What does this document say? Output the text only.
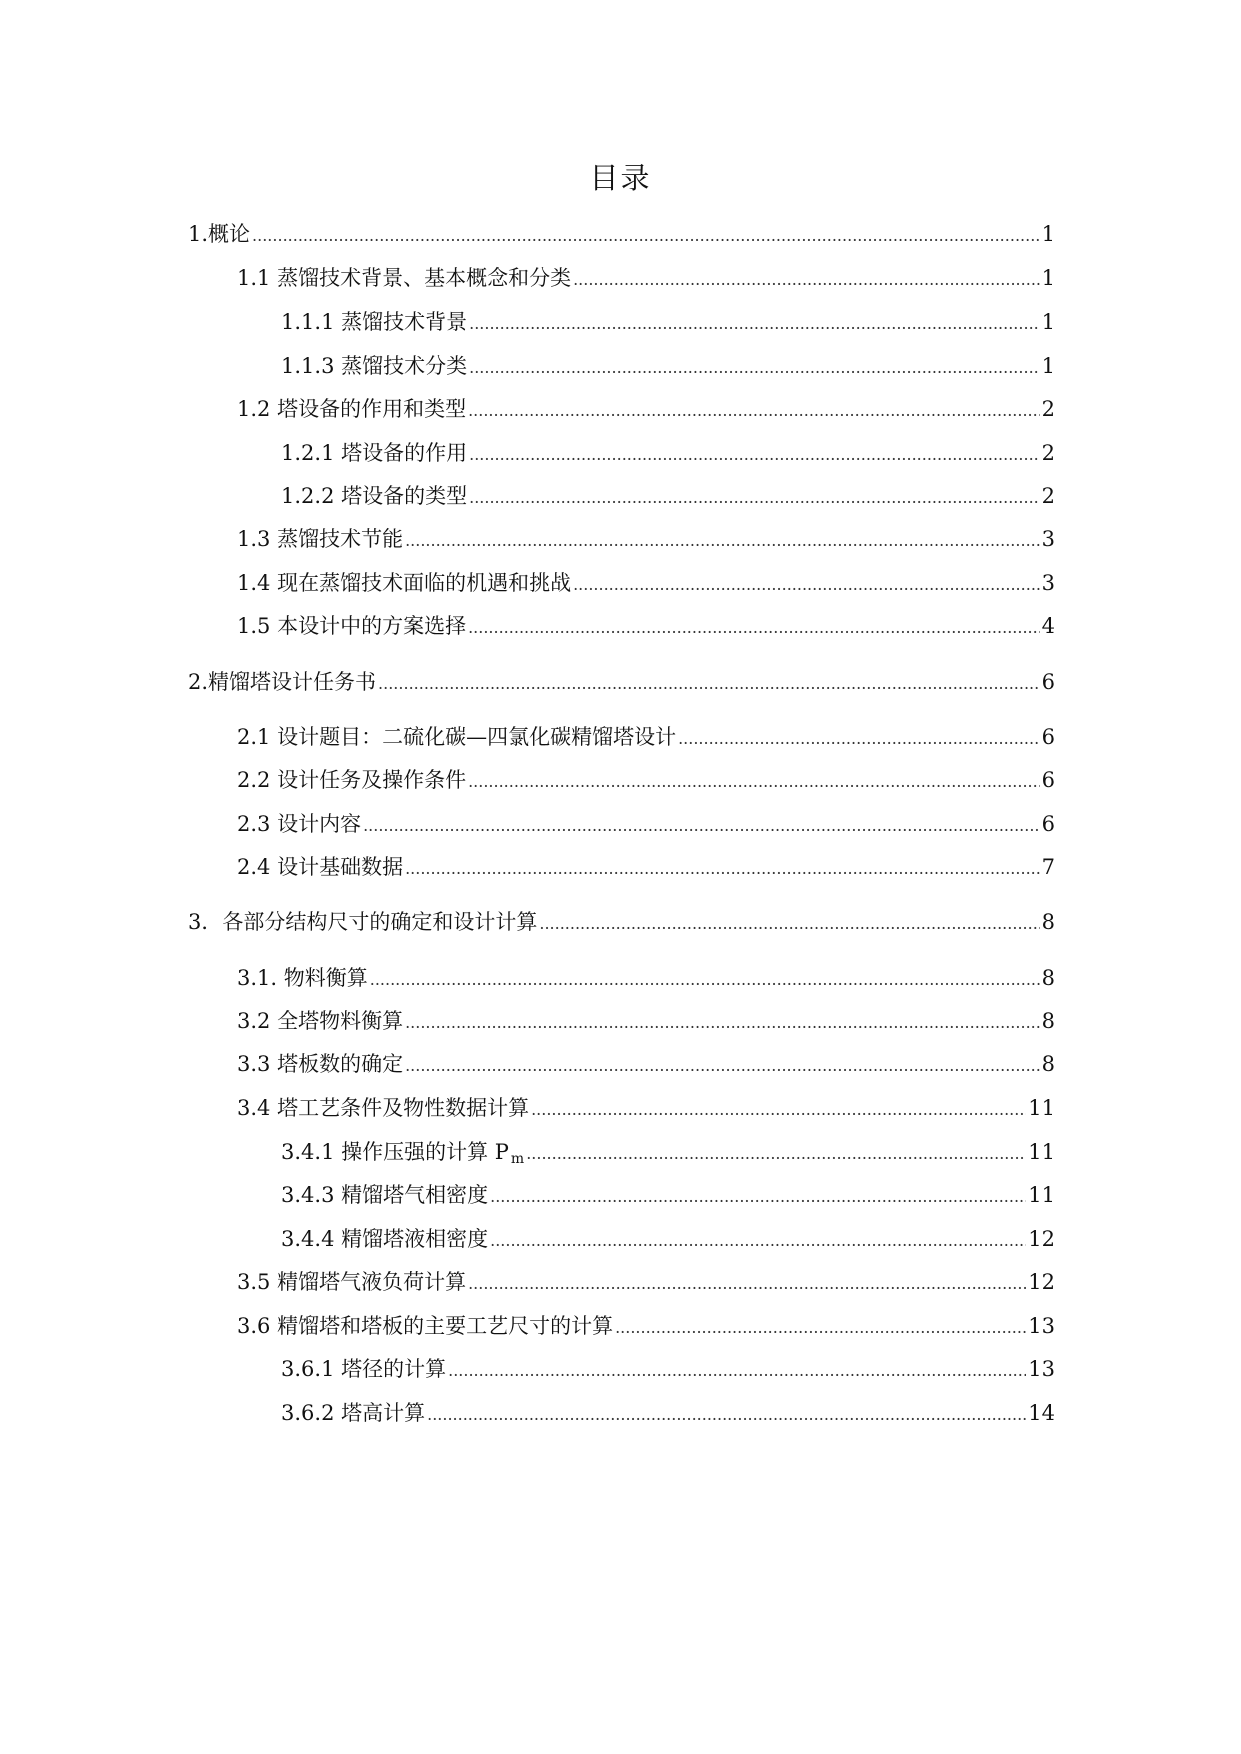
目录
1.概论 .....	1
1.1 蒸馏技术背景、基本概念和分类 .....	1
1.1.1 蒸馏技术背景 .....	1
1.1.3 蒸馏技术分类 .....	1
1.2 塔设备的作用和类型 .....	2
1.2.1 塔设备的作用 .....	2
1.2.2 塔设备的类型 .....	2
1.3 蒸馏技术节能 .....	3
1.4 现在蒸馏技术面临的机遇和挑战 .....	3
1.5 本设计中的方案选择 .....	4
2.精馏塔设计任务书 .....	6
2.1 设计题目：二硫化碳—四氯化碳精馏塔设计 .....	6
2.2 设计任务及操作条件 .....	6
2.3 设计内容 .....	6
2.4 设计基础数据 .....	7
3．各部分结构尺寸的确定和设计计算 .....	8
3.1. 物料衡算 .....	8
3.2 全塔物料衡算 .....	8
3.3 塔板数的确定 .....	8
3.4 塔工艺条件及物性数据计算 .....	11
3.4.1 操作压强的计算 P m .....	11
3.4.3 精馏塔气相密度 .....	11
3.4.4 精馏塔液相密度 .....	12
3.5 精馏塔气液负荷计算 .....	12
3.6 精馏塔和塔板的主要工艺尺寸的计算 .....	13
3.6.1 塔径的计算 .....	13
3.6.2 塔高计算 .....	14
